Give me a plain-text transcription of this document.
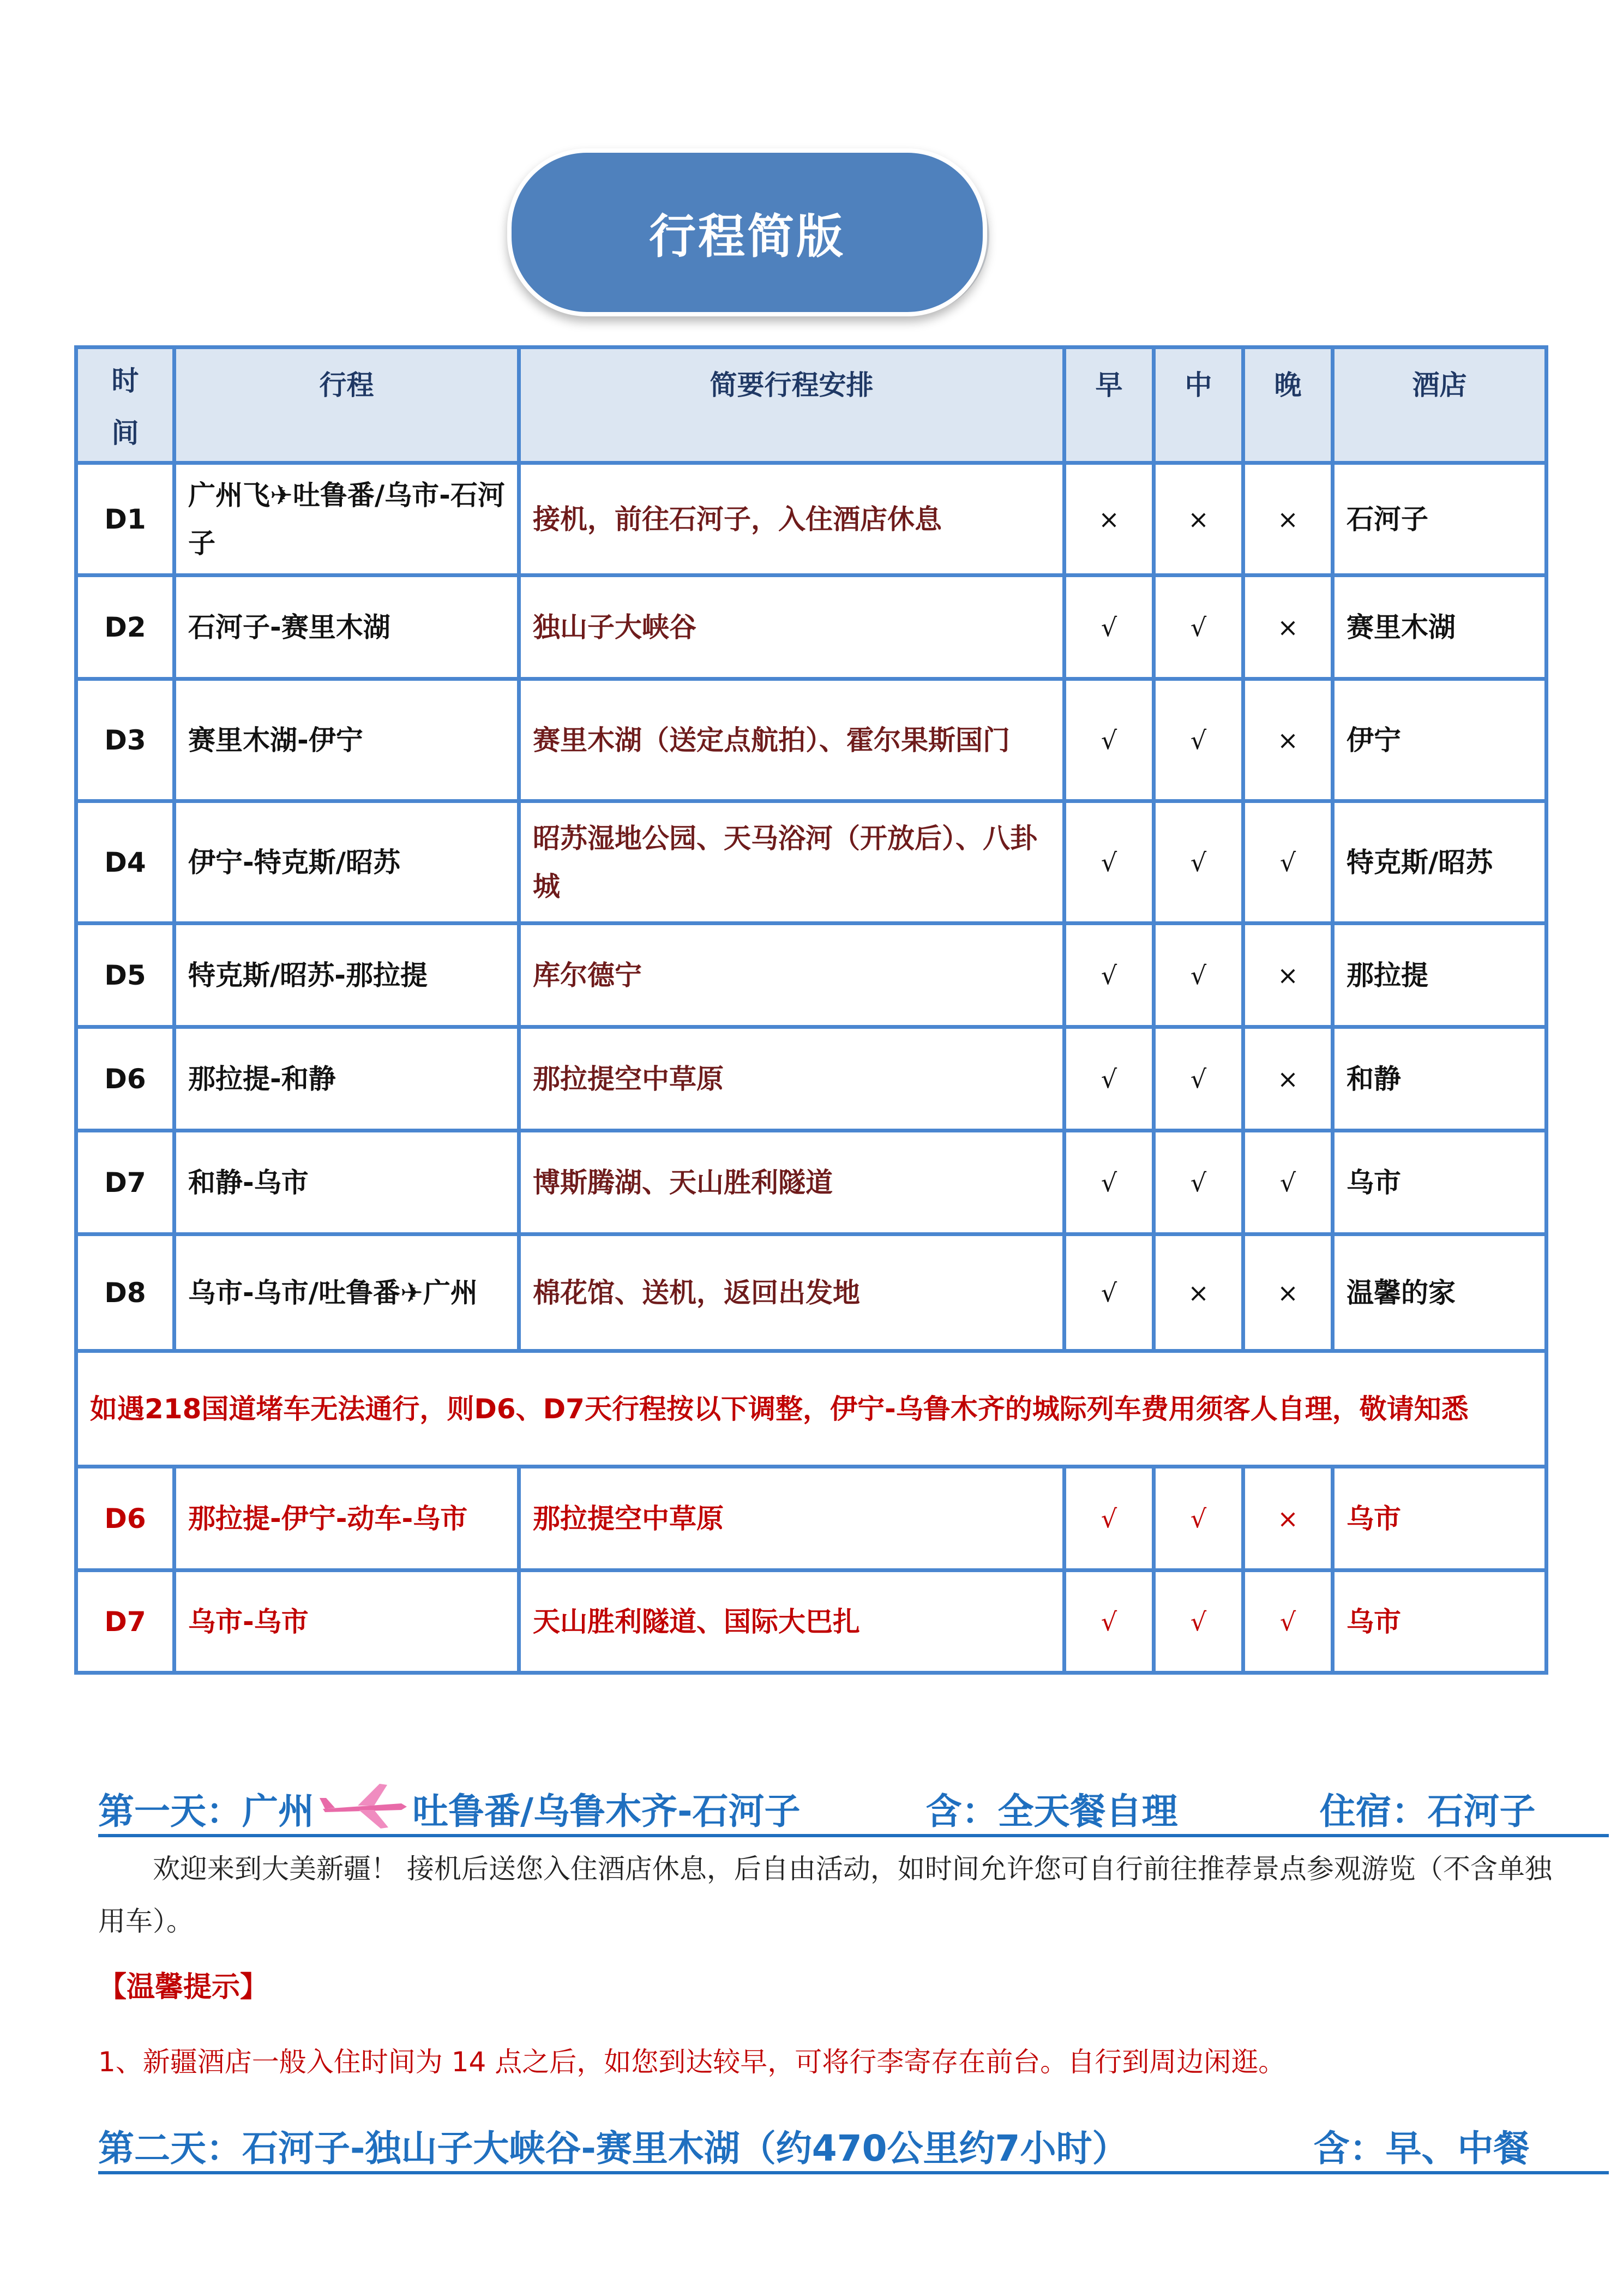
行程简版
时
间	行程	简要行程安排	早	中	晚	酒店
D1	广州飞✈吐鲁番/乌市-石河子	接机，前往石河子，入住酒店休息	×	×	×	石河子
D2	石河子-赛里木湖	独山子大峡谷	√	√	×	赛里木湖
D3	赛里木湖-伊宁	赛里木湖（送定点航拍）、霍尔果斯国门	√	√	×	伊宁
D4	伊宁-特克斯/昭苏	昭苏湿地公园、天马浴河（开放后）、八卦城	√	√	√	特克斯/昭苏
D5	特克斯/昭苏-那拉提	库尔德宁	√	√	×	那拉提
D6	那拉提-和静	那拉提空中草原	√	√	×	和静
D7	和静-乌市	博斯腾湖、天山胜利隧道	√	√	√	乌市
D8	乌市-乌市/吐鲁番✈广州	棉花馆、送机，返回出发地	√	×	×	温馨的家
如遇218国道堵车无法通行，则D6、D7天行程按以下调整，伊宁-乌鲁木齐的城际列车费用须客人自理，敬请知悉						
D6	那拉提-伊宁-动车-乌市	那拉提空中草原	√	√	×	乌市
D7	乌市-乌市	天山胜利隧道、国际大巴扎	√	√	√	乌市
第一天：广州	吐鲁番/乌鲁木齐-石河子	含：全天餐自理	住宿：石河子
欢迎来到大美新疆！ 接机后送您入住酒店休息，后自由活动，如时间允许您可自行前往推荐景点参观游览（不含单独用车）。
【温馨提示】
1、新疆酒店一般入住时间为 14 点之后，如您到达较早，可将行李寄存在前台。自行到周边闲逛。
第二天：石河子-独山子大峡谷-赛里木湖（约470公里约7小时）	含：早、中餐
